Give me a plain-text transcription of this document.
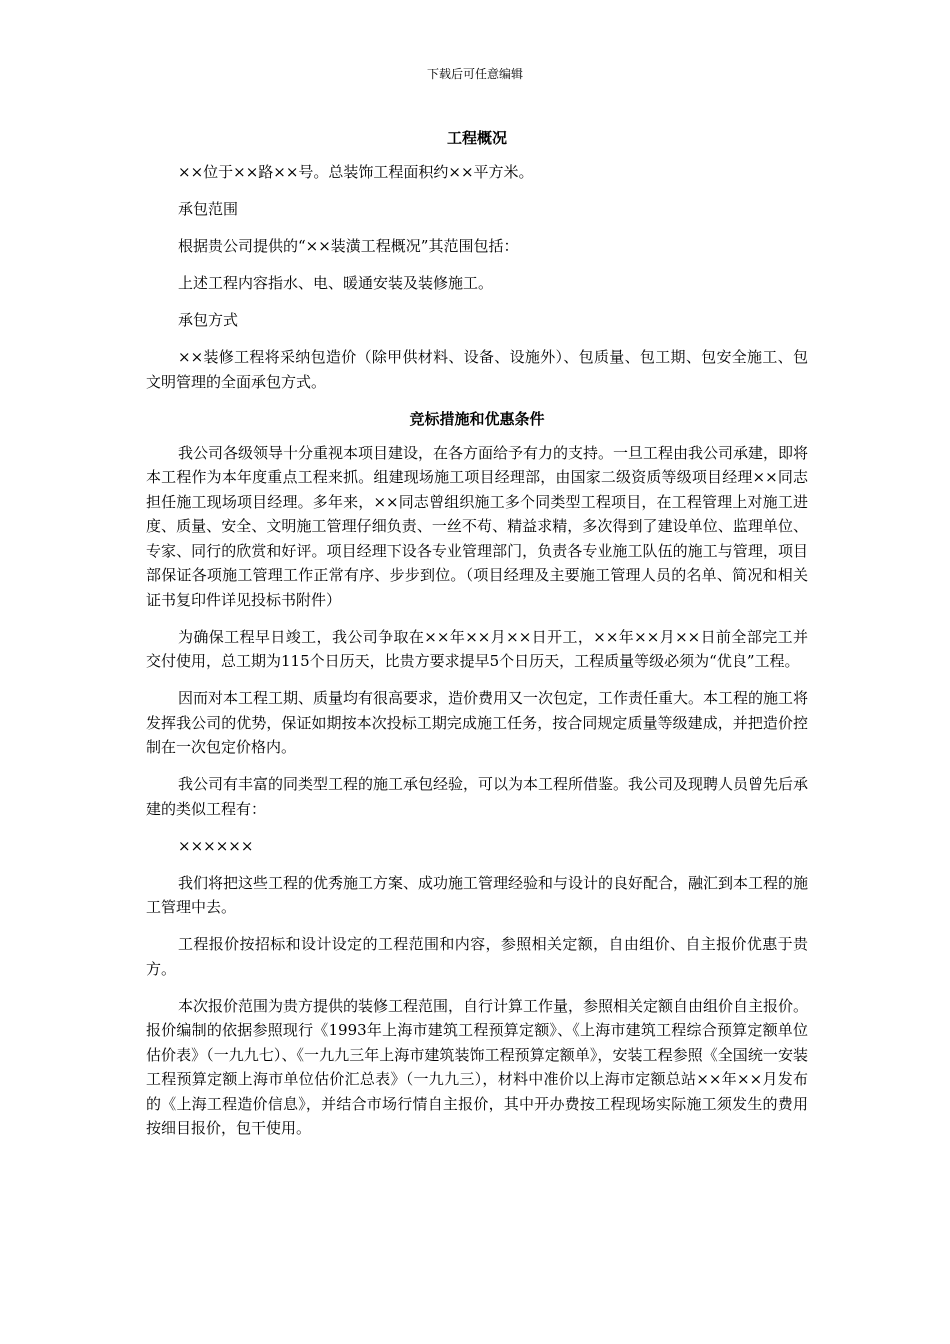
下载后可任意编辑
工程概况

××位于××路××号。总装饰工程面积约××平方米。

承包范围

根据贵公司提供的“××装潢工程概况”其范围包括：

上述工程内容指水、电、暖通安装及装修施工。

承包方式

××装修工程将采纳包造价（除甲供材料、设备、设施外）、包质量、包工期、包安全施工、包文明管理的全面承包方式。

竞标措施和优惠条件

我公司各级领导十分重视本项目建设，在各方面给予有力的支持。一旦工程由我公司承建，即将本工程作为本年度重点工程来抓。组建现场施工项目经理部，由国家二级资质等级项目经理××同志担任施工现场项目经理。多年来，××同志曾组织施工多个同类型工程项目，在工程管理上对施工进度、质量、安全、文明施工管理仔细负责、一丝不苟、精益求精，多次得到了建设单位、监理单位、专家、同行的欣赏和好评。项目经理下设各专业管理部门，负责各专业施工队伍的施工与管理，项目部保证各项施工管理工作正常有序、步步到位。（项目经理及主要施工管理人员的名单、简况和相关证书复印件详见投标书附件）

为确保工程早日竣工，我公司争取在××年××月××日开工，××年××月××日前全部完工并交付使用，总工期为115个日历天，比贵方要求提早5个日历天，工程质量等级必须为“优良”工程。

因而对本工程工期、质量均有很高要求，造价费用又一次包定，工作责任重大。本工程的施工将发挥我公司的优势，保证如期按本次投标工期完成施工任务，按合同规定质量等级建成，并把造价控制在一次包定价格内。

我公司有丰富的同类型工程的施工承包经验，可以为本工程所借鉴。我公司及现聘人员曾先后承建的类似工程有：

××××××

我们将把这些工程的优秀施工方案、成功施工管理经验和与设计的良好配合，融汇到本工程的施工管理中去。

工程报价按招标和设计设定的工程范围和内容，参照相关定额，自由组价、自主报价优惠于贵方。

本次报价范围为贵方提供的装修工程范围，自行计算工作量，参照相关定额自由组价自主报价。报价编制的依据参照现行《1993年上海市建筑工程预算定额》、《上海市建筑工程综合预算定额单位估价表》（一九九七）、《一九九三年上海市建筑装饰工程预算定额单》，安装工程参照《全国统一安装工程预算定额上海市单位估价汇总表》（一九九三），材料中准价以上海市定额总站××年××月发布的《上海工程造价信息》，并结合市场行情自主报价，其中开办费按工程现场实际施工须发生的费用按细目报价，包干使用。
